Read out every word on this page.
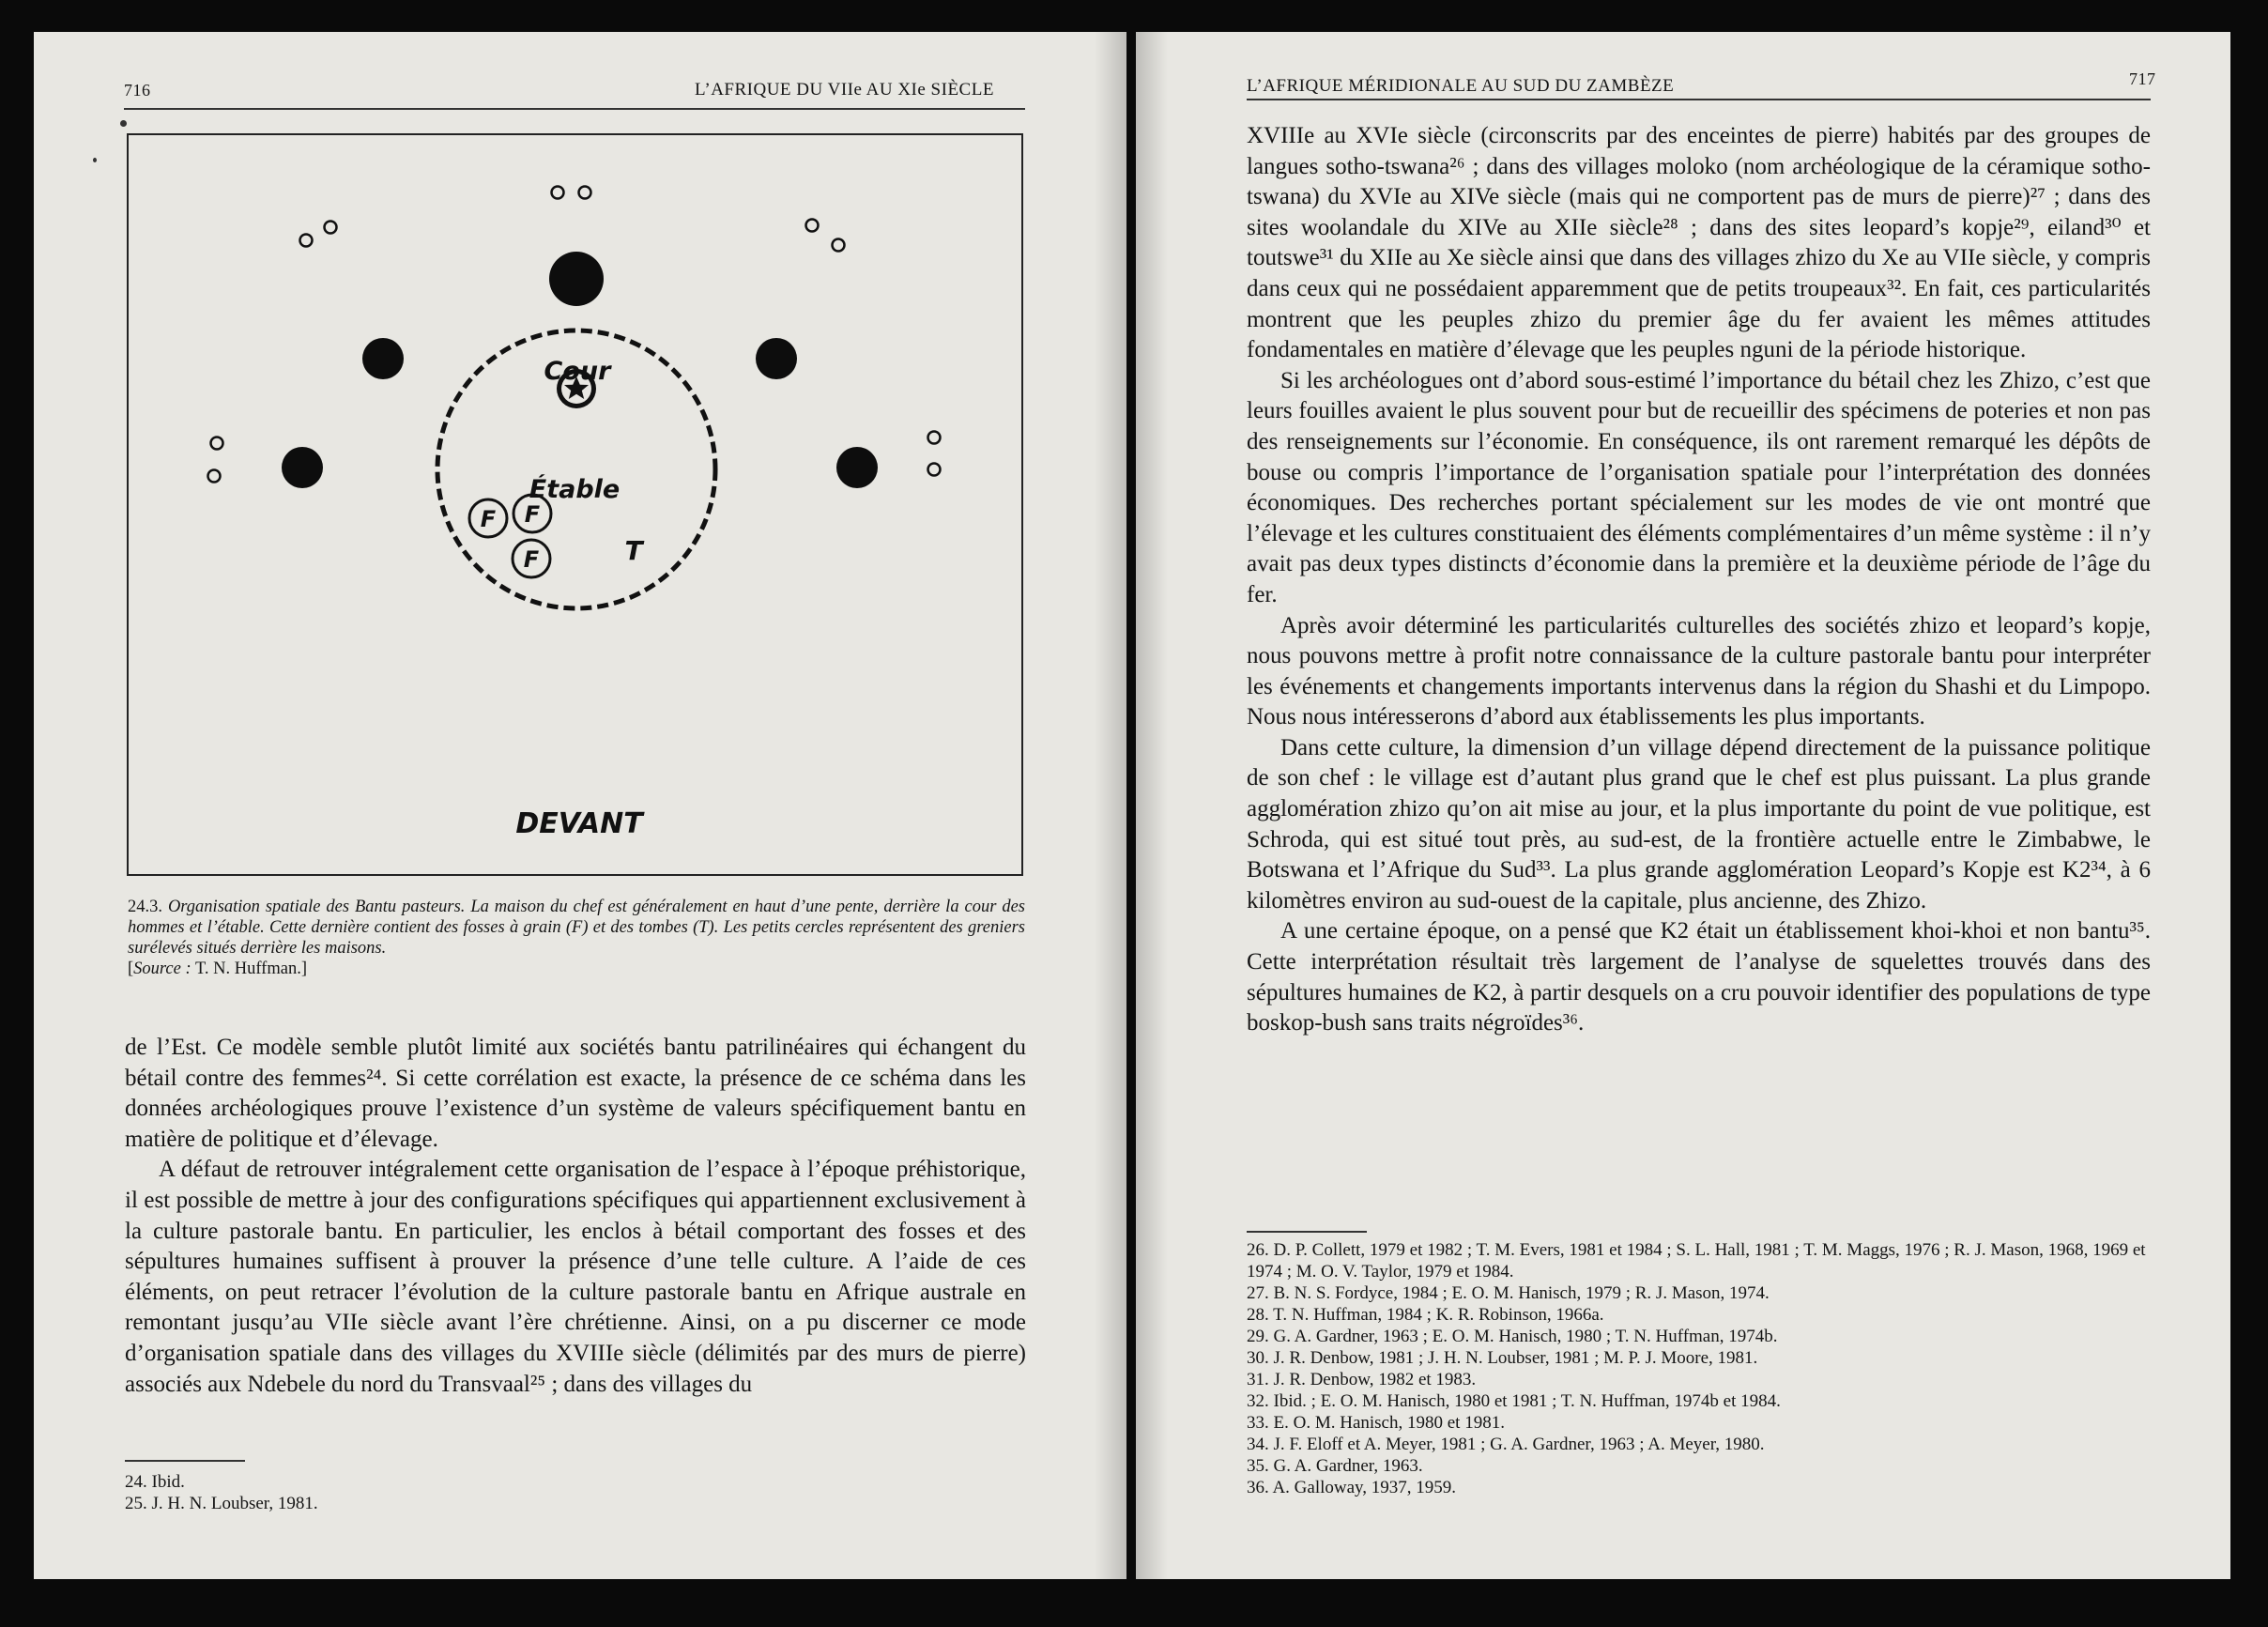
716	L’AFRIQUE DU VIIe AU XIe SIÈCLE
Cour
Étable
T
F F
F
DEVANT
24.3. Organisation spatiale des Bantu pasteurs. La maison du chef est généralement en haut d’une pente, derrière la cour des hommes et l’étable. Cette dernière contient des fosses à grain (F) et des tombes (T). Les petits cercles représentent des greniers surélevés situés derrière les maisons.
[Source : T. N. Huffman.]

de l’Est. Ce modèle semble plutôt limité aux sociétés bantu patrilinéaires qui échangent du bétail contre des femmes²⁴. Si cette corrélation est exacte, la présence de ce schéma dans les données archéologiques prouve l’existence d’un système de valeurs spécifiquement bantu en matière de politique et d’élevage.

A défaut de retrouver intégralement cette organisation de l’espace à l’époque préhistorique, il est possible de mettre à jour des configurations spécifiques qui appartiennent exclusivement à la culture pastorale bantu. En particulier, les enclos à bétail comportant des fosses et des sépultures humaines suffisent à prouver la présence d’une telle culture. A l’aide de ces éléments, on peut retracer l’évolution de la culture pastorale bantu en Afrique australe en remontant jusqu’au VIIe siècle avant l’ère chrétienne. Ainsi, on a pu discerner ce mode d’organisation spatiale dans des villages du XVIIIe siècle (délimités par des murs de pierre) associés aux Ndebele du nord du Transvaal²⁵ ; dans des villages du

24. Ibid.
25. J. H. N. Loubser, 1981.
L’AFRIQUE MÉRIDIONALE AU SUD DU ZAMBÈZE	717

XVIIIe au XVIe siècle (circonscrits par des enceintes de pierre) habités par des groupes de langues sotho-tswana²⁶ ; dans des villages moloko (nom archéologique de la céramique sotho-tswana) du XVIe au XIVe siècle (mais qui ne comportent pas de murs de pierre)²⁷ ; dans des sites woolandale du XIVe au XIIe siècle²⁸ ; dans des sites leopard’s kopje²⁹, eiland³⁰ et toutswe³¹ du XIIe au Xe siècle ainsi que dans des villages zhizo du Xe au VIIe siècle, y compris dans ceux qui ne possédaient apparemment que de petits troupeaux³². En fait, ces particularités montrent que les peuples zhizo du premier âge du fer avaient les mêmes attitudes fondamentales en matière d’élevage que les peuples nguni de la période historique.

Si les archéologues ont d’abord sous-estimé l’importance du bétail chez les Zhizo, c’est que leurs fouilles avaient le plus souvent pour but de recueillir des spécimens de poteries et non pas des renseignements sur l’économie. En conséquence, ils ont rarement remarqué les dépôts de bouse ou compris l’importance de l’organisation spatiale pour l’interprétation des données économiques. Des recherches portant spécialement sur les modes de vie ont montré que l’élevage et les cultures constituaient des éléments complémentaires d’un même système : il n’y avait pas deux types distincts d’économie dans la première et la deuxième période de l’âge du fer.

Après avoir déterminé les particularités culturelles des sociétés zhizo et leopard’s kopje, nous pouvons mettre à profit notre connaissance de la culture pastorale bantu pour interpréter les événements et changements importants intervenus dans la région du Shashi et du Limpopo. Nous nous intéresserons d’abord aux établissements les plus importants.

Dans cette culture, la dimension d’un village dépend directement de la puissance politique de son chef : le village est d’autant plus grand que le chef est plus puissant. La plus grande agglomération zhizo qu’on ait mise au jour, et la plus importante du point de vue politique, est Schroda, qui est situé tout près, au sud-est, de la frontière actuelle entre le Zimbabwe, le Botswana et l’Afrique du Sud³³. La plus grande agglomération Leopard’s Kopje est K2³⁴, à 6 kilomètres environ au sud-ouest de la capitale, plus ancienne, des Zhizo.

A une certaine époque, on a pensé que K2 était un établissement khoi-khoi et non bantu³⁵. Cette interprétation résultait très largement de l’analyse de squelettes trouvés dans des sépultures humaines de K2, à partir desquels on a cru pouvoir identifier des populations de type boskop-bush sans traits négroïdes³⁶.

26. D. P. Collett, 1979 et 1982 ; T. M. Evers, 1981 et 1984 ; S. L. Hall, 1981 ; T. M. Maggs, 1976 ; R. J. Mason, 1968, 1969 et 1974 ; M. O. V. Taylor, 1979 et 1984.
27. B. N. S. Fordyce, 1984 ; E. O. M. Hanisch, 1979 ; R. J. Mason, 1974.
28. T. N. Huffman, 1984 ; K. R. Robinson, 1966a.
29. G. A. Gardner, 1963 ; E. O. M. Hanisch, 1980 ; T. N. Huffman, 1974b.
30. J. R. Denbow, 1981 ; J. H. N. Loubser, 1981 ; M. P. J. Moore, 1981.
31. J. R. Denbow, 1982 et 1983.
32. Ibid. ; E. O. M. Hanisch, 1980 et 1981 ; T. N. Huffman, 1974b et 1984.
33. E. O. M. Hanisch, 1980 et 1981.
34. J. F. Eloff et A. Meyer, 1981 ; G. A. Gardner, 1963 ; A. Meyer, 1980.
35. G. A. Gardner, 1963.
36. A. Galloway, 1937, 1959.
